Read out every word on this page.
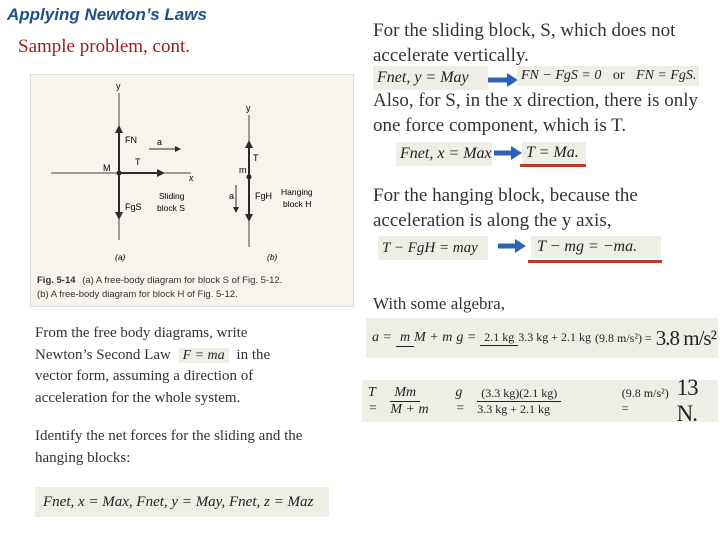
Applying Newton’s Laws
Sample problem, cont.
y
x
M
FN
T
a
FgS
Sliding
block S
(a)
y
m
T
FgH
a	Hanging
block H
(b)
Fig. 5-14 (a) A free-body diagram for block S of Fig. 5-12.
(b) A free-body diagram for block H of Fig. 5-12.
From the free body diagrams, write
Newton’s Second Law F = ma in the
vector form, assuming a direction of
acceleration for the whole system.
Identify the net forces for the sliding and the hanging blocks:
Fnet, x = Max, Fnet, y = May, Fnet, z = Maz
For the sliding block, S, which does not accelerate vertically.
Fnet, y = May	FN − FgS = 0 or FN = FgS.
Also, for S, in the x direction, there is only one force component, which is T.
Fnet, x = Max T = Ma.
For the hanging block, because the acceleration is along the y axis,
T − FgH = may	T − mg = −ma.
With some algebra,
a = m M + m g = 2.1 kg 3.3 kg + 2.1 kg (9.8 m/s²) = 3.8 m/s²
$T = \frac{Mm}{M + m}$ g =	$\frac{(3.3 kg)(2.1 kg)}{3.3 kg + 2.1 kg} (9.8$ m/s²) =
13 N.
